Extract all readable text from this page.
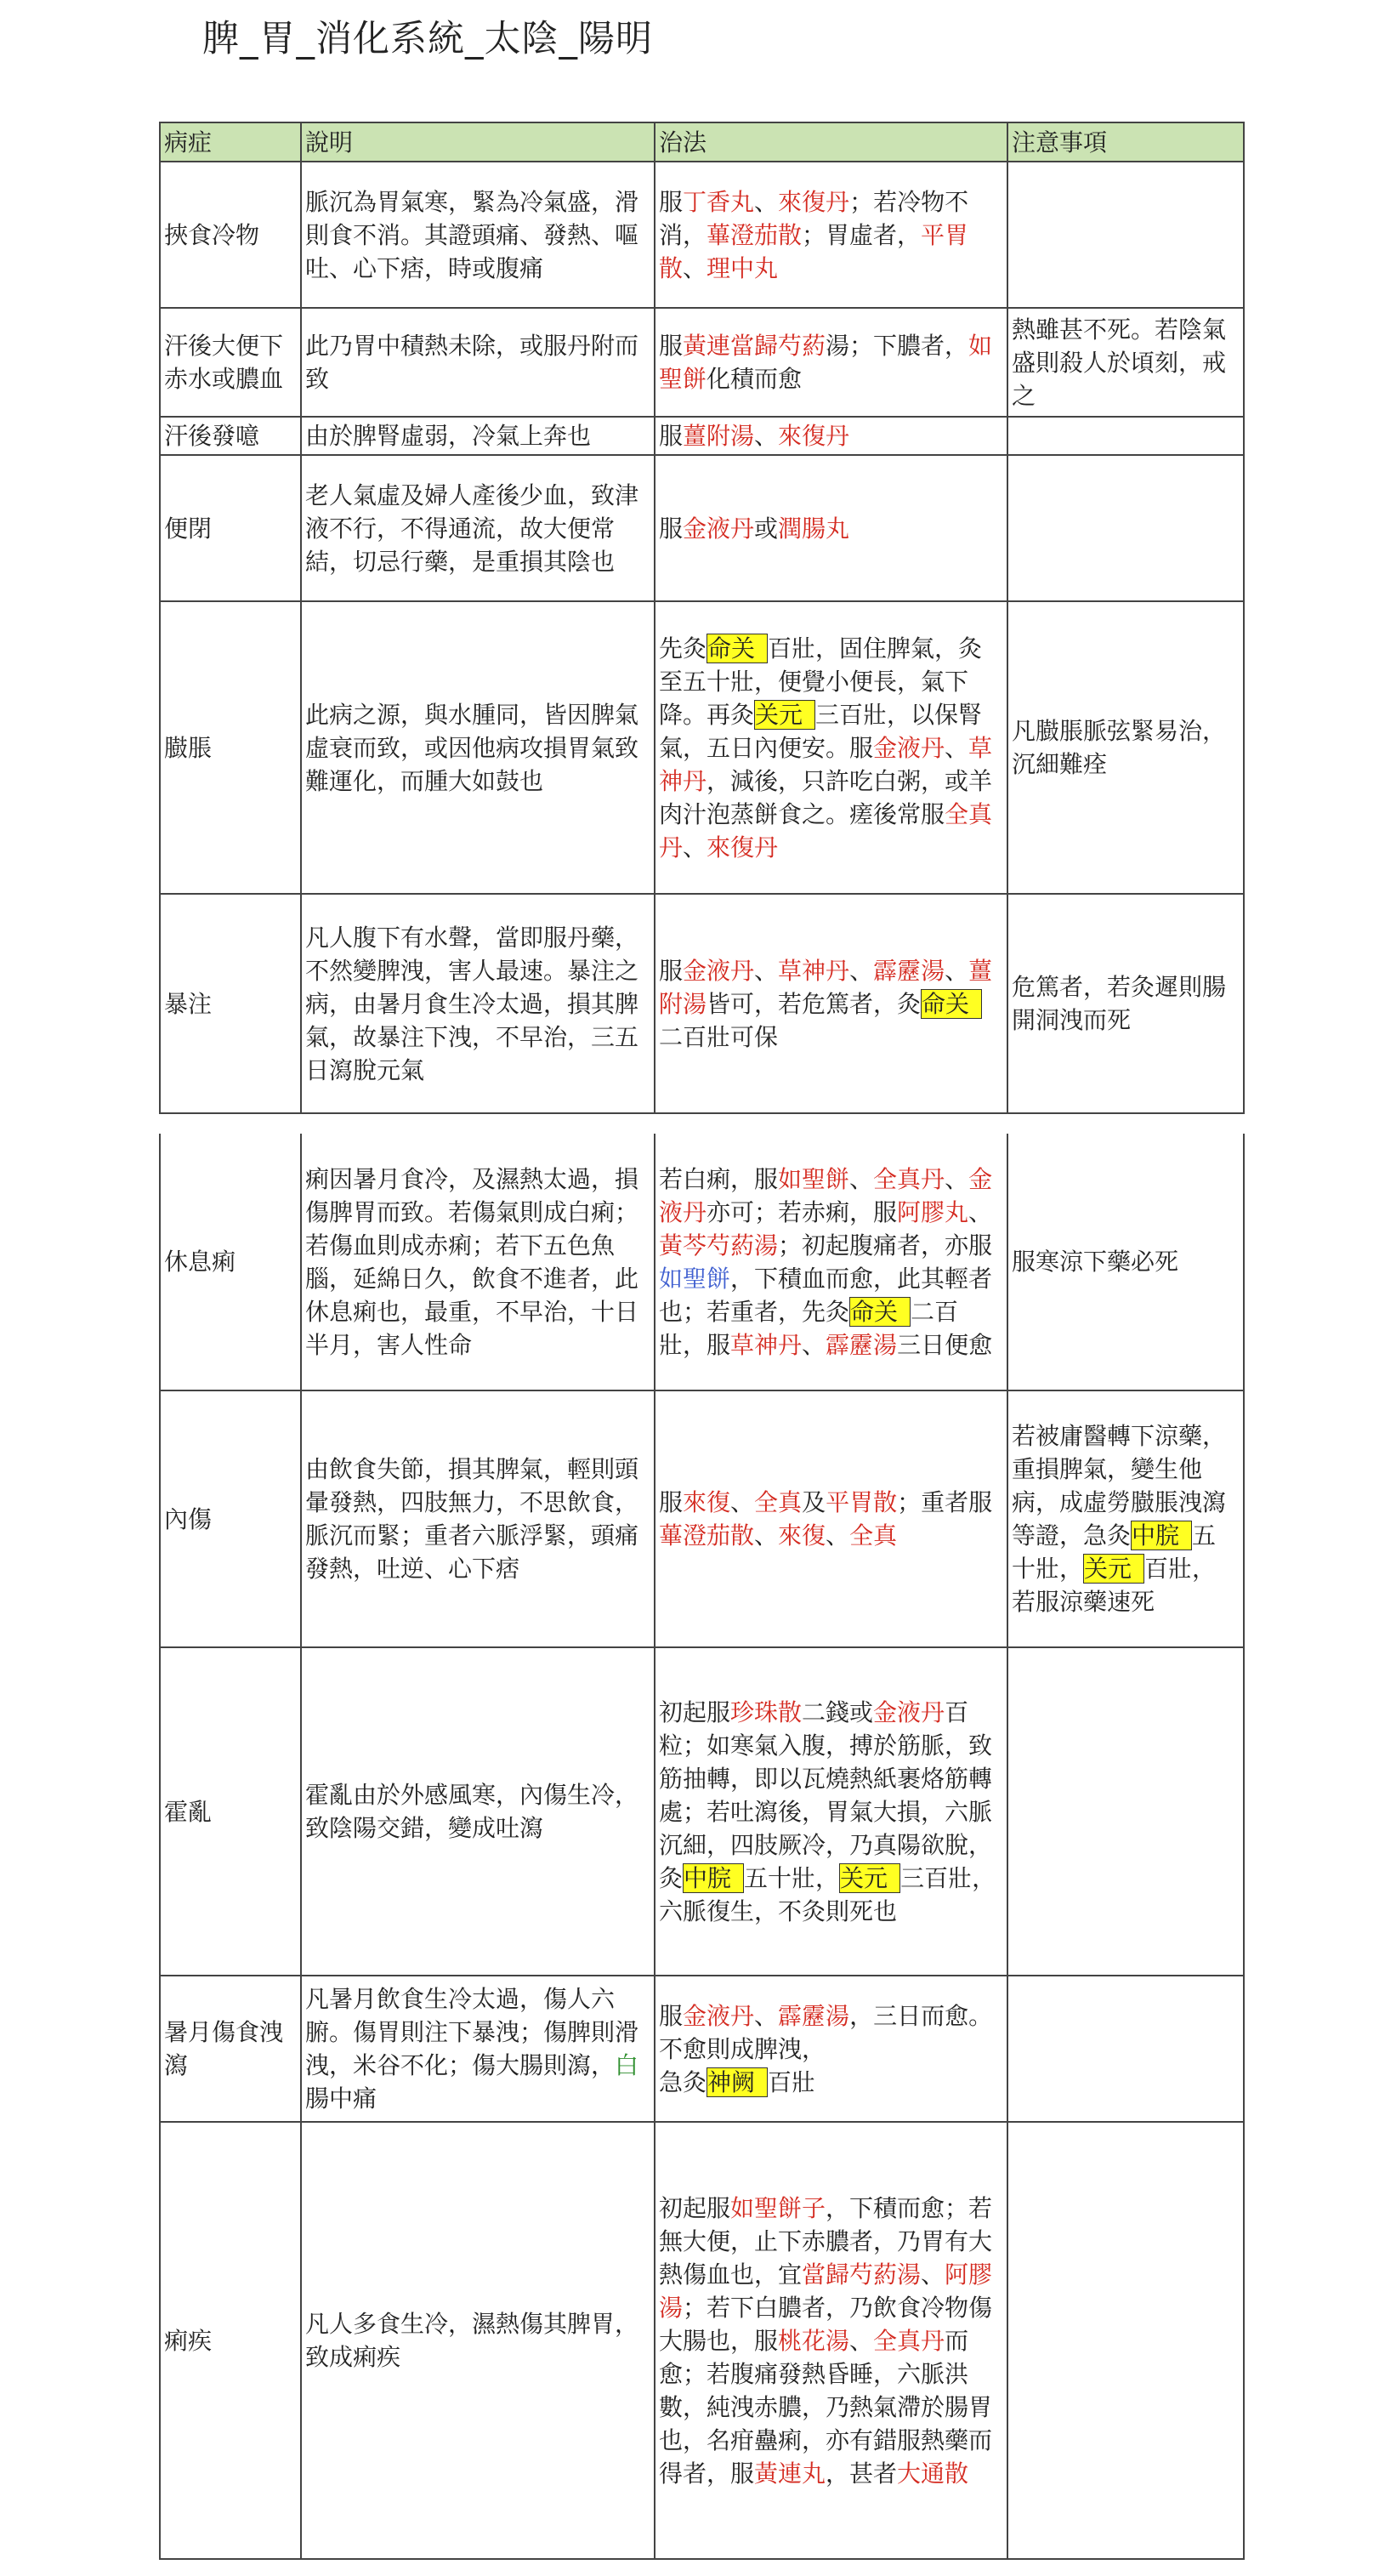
脾_胃_消化系統_太陰_陽明
病症	說明	治法	注意事項
挾食冷物	脈沉為胃氣寒，緊為冷氣盛，滑則食不消。其證頭痛、發熱、嘔吐、心下痞，時或腹痛	服丁香丸、來復丹；若冷物不消，蓽澄茄散；胃虛者，平胃散、理中丸	
汗後大便下赤水或膿血	此乃胃中積熱未除，或服丹附而致	服黃連當歸芍葯湯；下膿者，如聖餅化積而愈	熱雖甚不死。若陰氣盛則殺人於頃刻，戒之
汗後發噫	由於脾腎虛弱，冷氣上奔也	服薑附湯、來復丹	
便閉	老人氣虛及婦人產後少血，致津液不行，不得通流，故大便常結，切忌行藥，是重損其陰也	服金液丹或潤腸丸	
臌脹	此病之源，與水腫同，皆因脾氣虛衰而致，或因他病攻損胃氣致難運化，而腫大如鼓也	先灸命关 百壯，固住脾氣，灸至五十壯，便覺小便長，氣下降。再灸关元 三百壯，以保腎氣，五日內便安。服金液丹、草神丹，減後，只許吃白粥，或羊肉汁泡蒸餅食之。瘥後常服全真丹、來復丹	凡臌脹脈弦緊易治，沉細難痊
暴注	凡人腹下有水聲，當即服丹藥，不然變脾洩，害人最速。暴注之病，由暑月食生冷太過，損其脾氣，故暴注下洩，不早治，三五日瀉脫元氣	服金液丹、草神丹、霹靂湯、薑附湯皆可，若危篤者，灸命关二百壯可保	危篤者，若灸遲則腸開洞洩而死
休息痢	痢因暑月食冷，及濕熱太過，損傷脾胃而致。若傷氣則成白痢；若傷血則成赤痢；若下五色魚腦，延綿日久，飲食不進者，此休息痢也，最重，不早治，十日半月，害人性命	若白痢，服如聖餅、全真丹、金液丹亦可；若赤痢，服阿膠丸、黃芩芍葯湯；初起腹痛者，亦服如聖餅，下積血而愈，此其輕者也；若重者，先灸命关 二百壯，服草神丹、霹靂湯三日便愈	服寒涼下藥必死
內傷	由飲食失節，損其脾氣，輕則頭暈發熱，四肢無力，不思飲食，脈沉而緊；重者六脈浮緊，頭痛發熱，吐逆、心下痞	服來復、全真及平胃散；重者服蓽澄茄散、來復、全真	若被庸醫轉下涼藥，重損脾氣，變生他病，成虛勞臌脹洩瀉等證，急灸中脘 五十壯，关元 百壯，若服涼藥速死
霍亂	霍亂由於外感風寒，內傷生冷，致陰陽交錯，變成吐瀉	初起服珍珠散二錢或金液丹百粒；如寒氣入腹，搏於筋脈，致筋抽轉，即以瓦燒熱紙裹烙筋轉處；若吐瀉後，胃氣大損，六脈沉細，四肢厥冷，乃真陽欲脫，
灸中脘 五十壯，关元 三百壯，六脈復生，不灸則死也	
暑月傷食洩瀉	凡暑月飲食生冷太過，傷人六腑。傷胃則注下暴洩；傷脾則滑洩，米谷不化；傷大腸則瀉，白腸中痛	服金液丹、霹靂湯，三日而愈。不愈則成脾洩，
急灸神阙 百壯	
痢疾	凡人多食生冷，濕熱傷其脾胃，致成痢疾	初起服如聖餅子，下積而愈；若無大便，止下赤膿者，乃胃有大熱傷血也，宜當歸芍葯湯、阿膠湯；若下白膿者，乃飲食冷物傷大腸也，服桃花湯、全真丹而愈；若腹痛發熱昏睡，六脈洪數，純洩赤膿，乃熱氣滯於腸胃也，名疳蠱痢，亦有錯服熱藥而得者，服黃連丸，甚者大通散	
